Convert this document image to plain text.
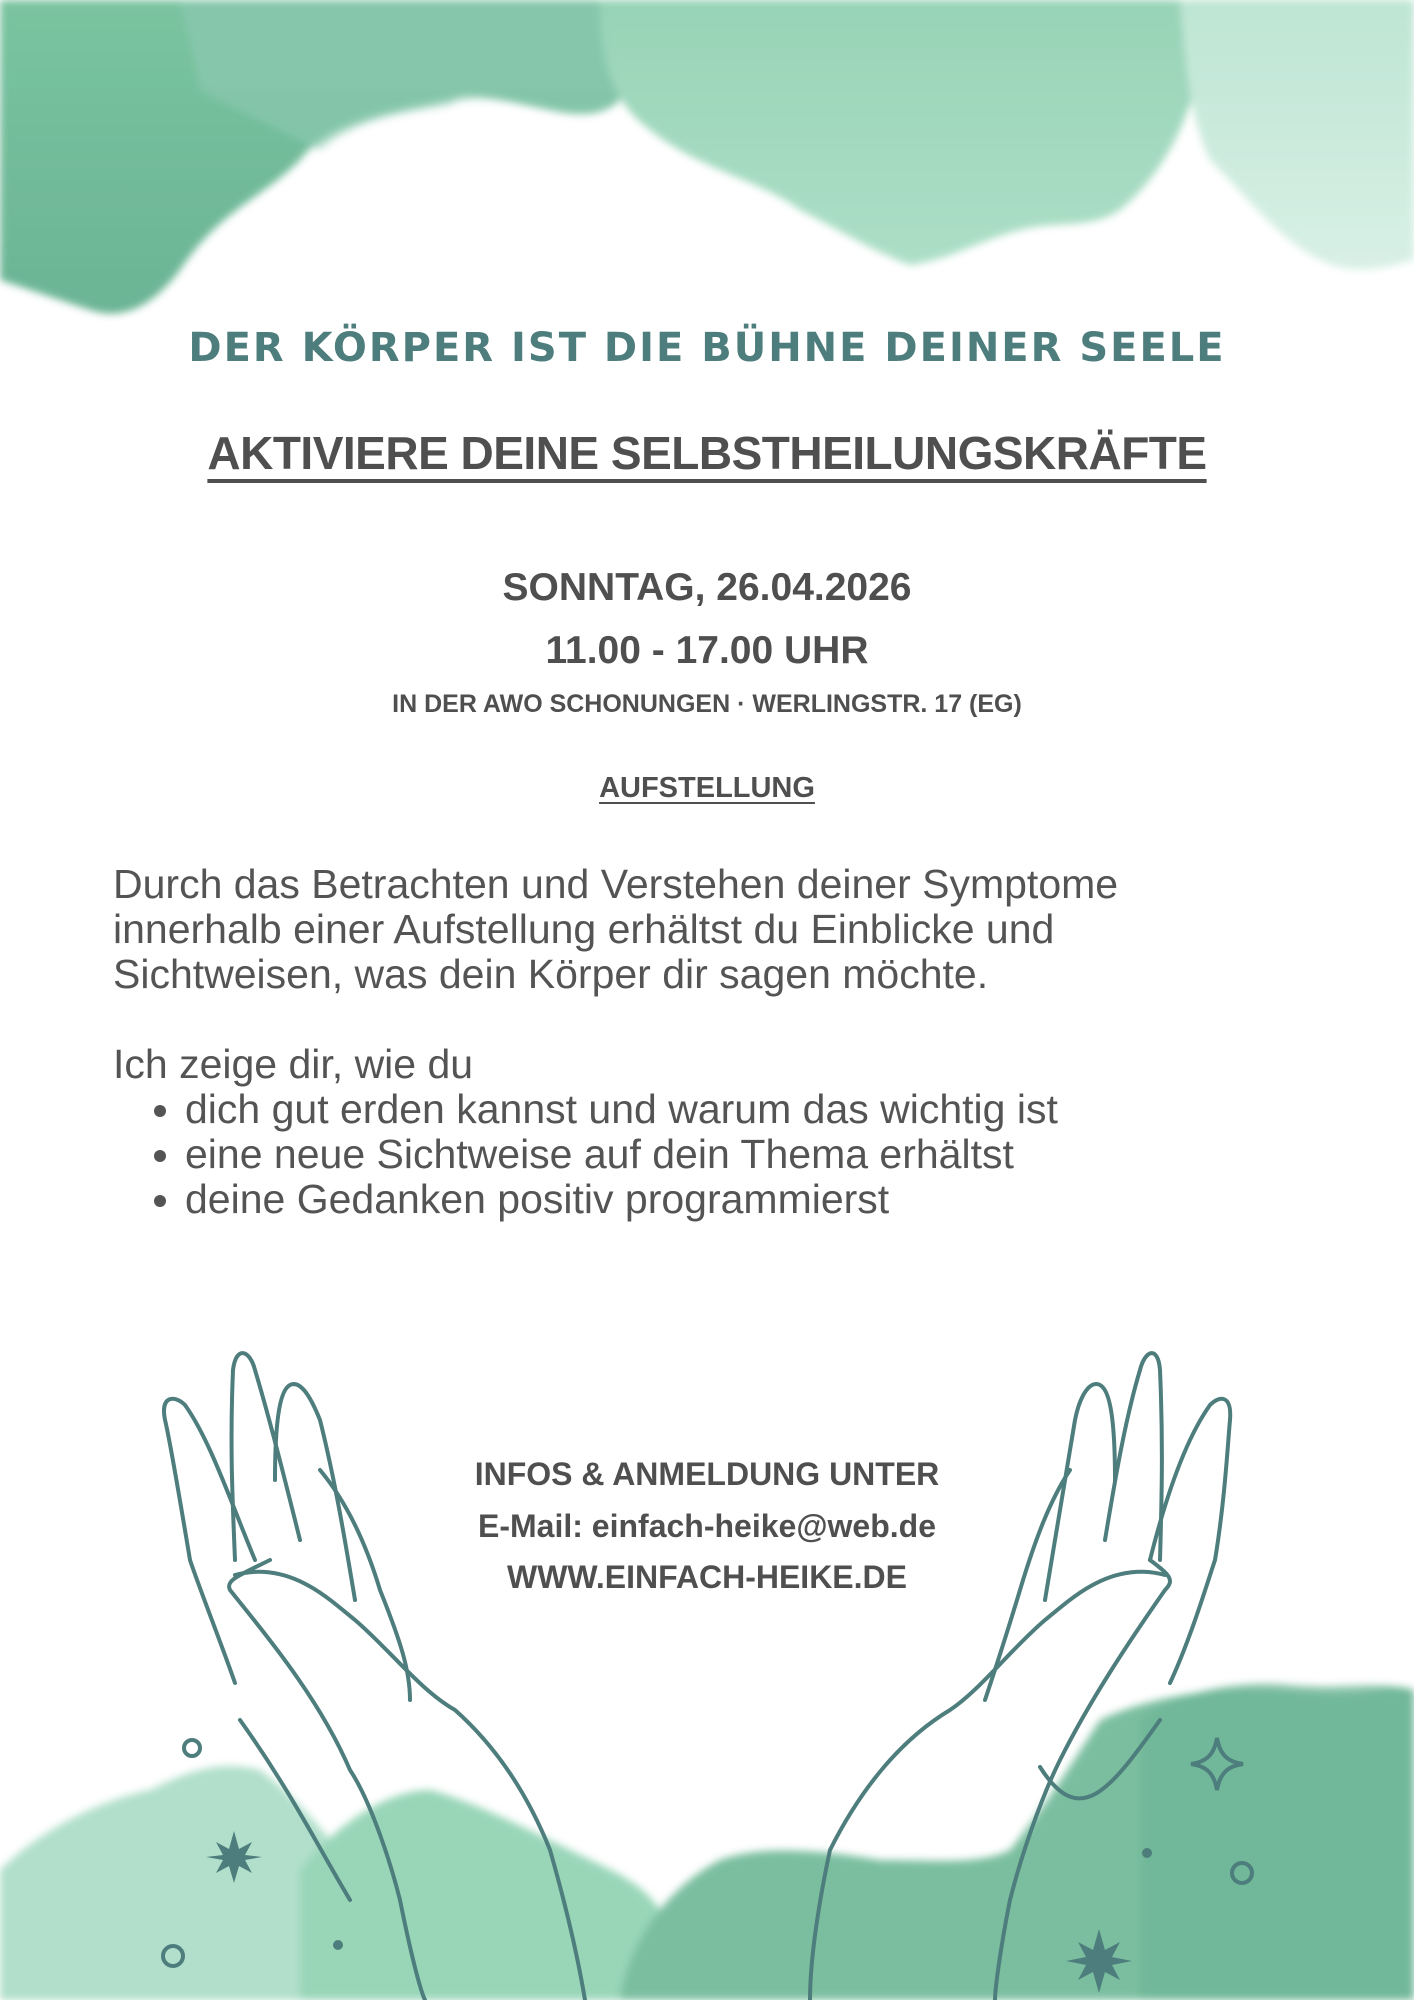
DER KÖRPER IST DIE BÜHNE DEINER SEELE
AKTIVIERE DEINE SELBSTHEILUNGSKRÄFTE
SONNTAG, 26.04.2026
11.00 - 17.00 UHR
IN DER AWO SCHONUNGEN · WERLINGSTR. 17 (EG)
AUFSTELLUNG

Durch das Betrachten und Verstehen deiner Symptome

innerhalb einer Aufstellung erhältst du Einblicke und

Sichtweisen, was dein Körper dir sagen möchte.

Ich zeige dir, wie du

• dich gut erden kannst und warum das wichtig ist
• eine neue Sichtweise auf dein Thema erhältst
• deine Gedanken positiv programmierst
INFOS & ANMELDUNG UNTER
E-Mail: einfach-heike@web.de
WWW.EINFACH-HEIKE.DE
